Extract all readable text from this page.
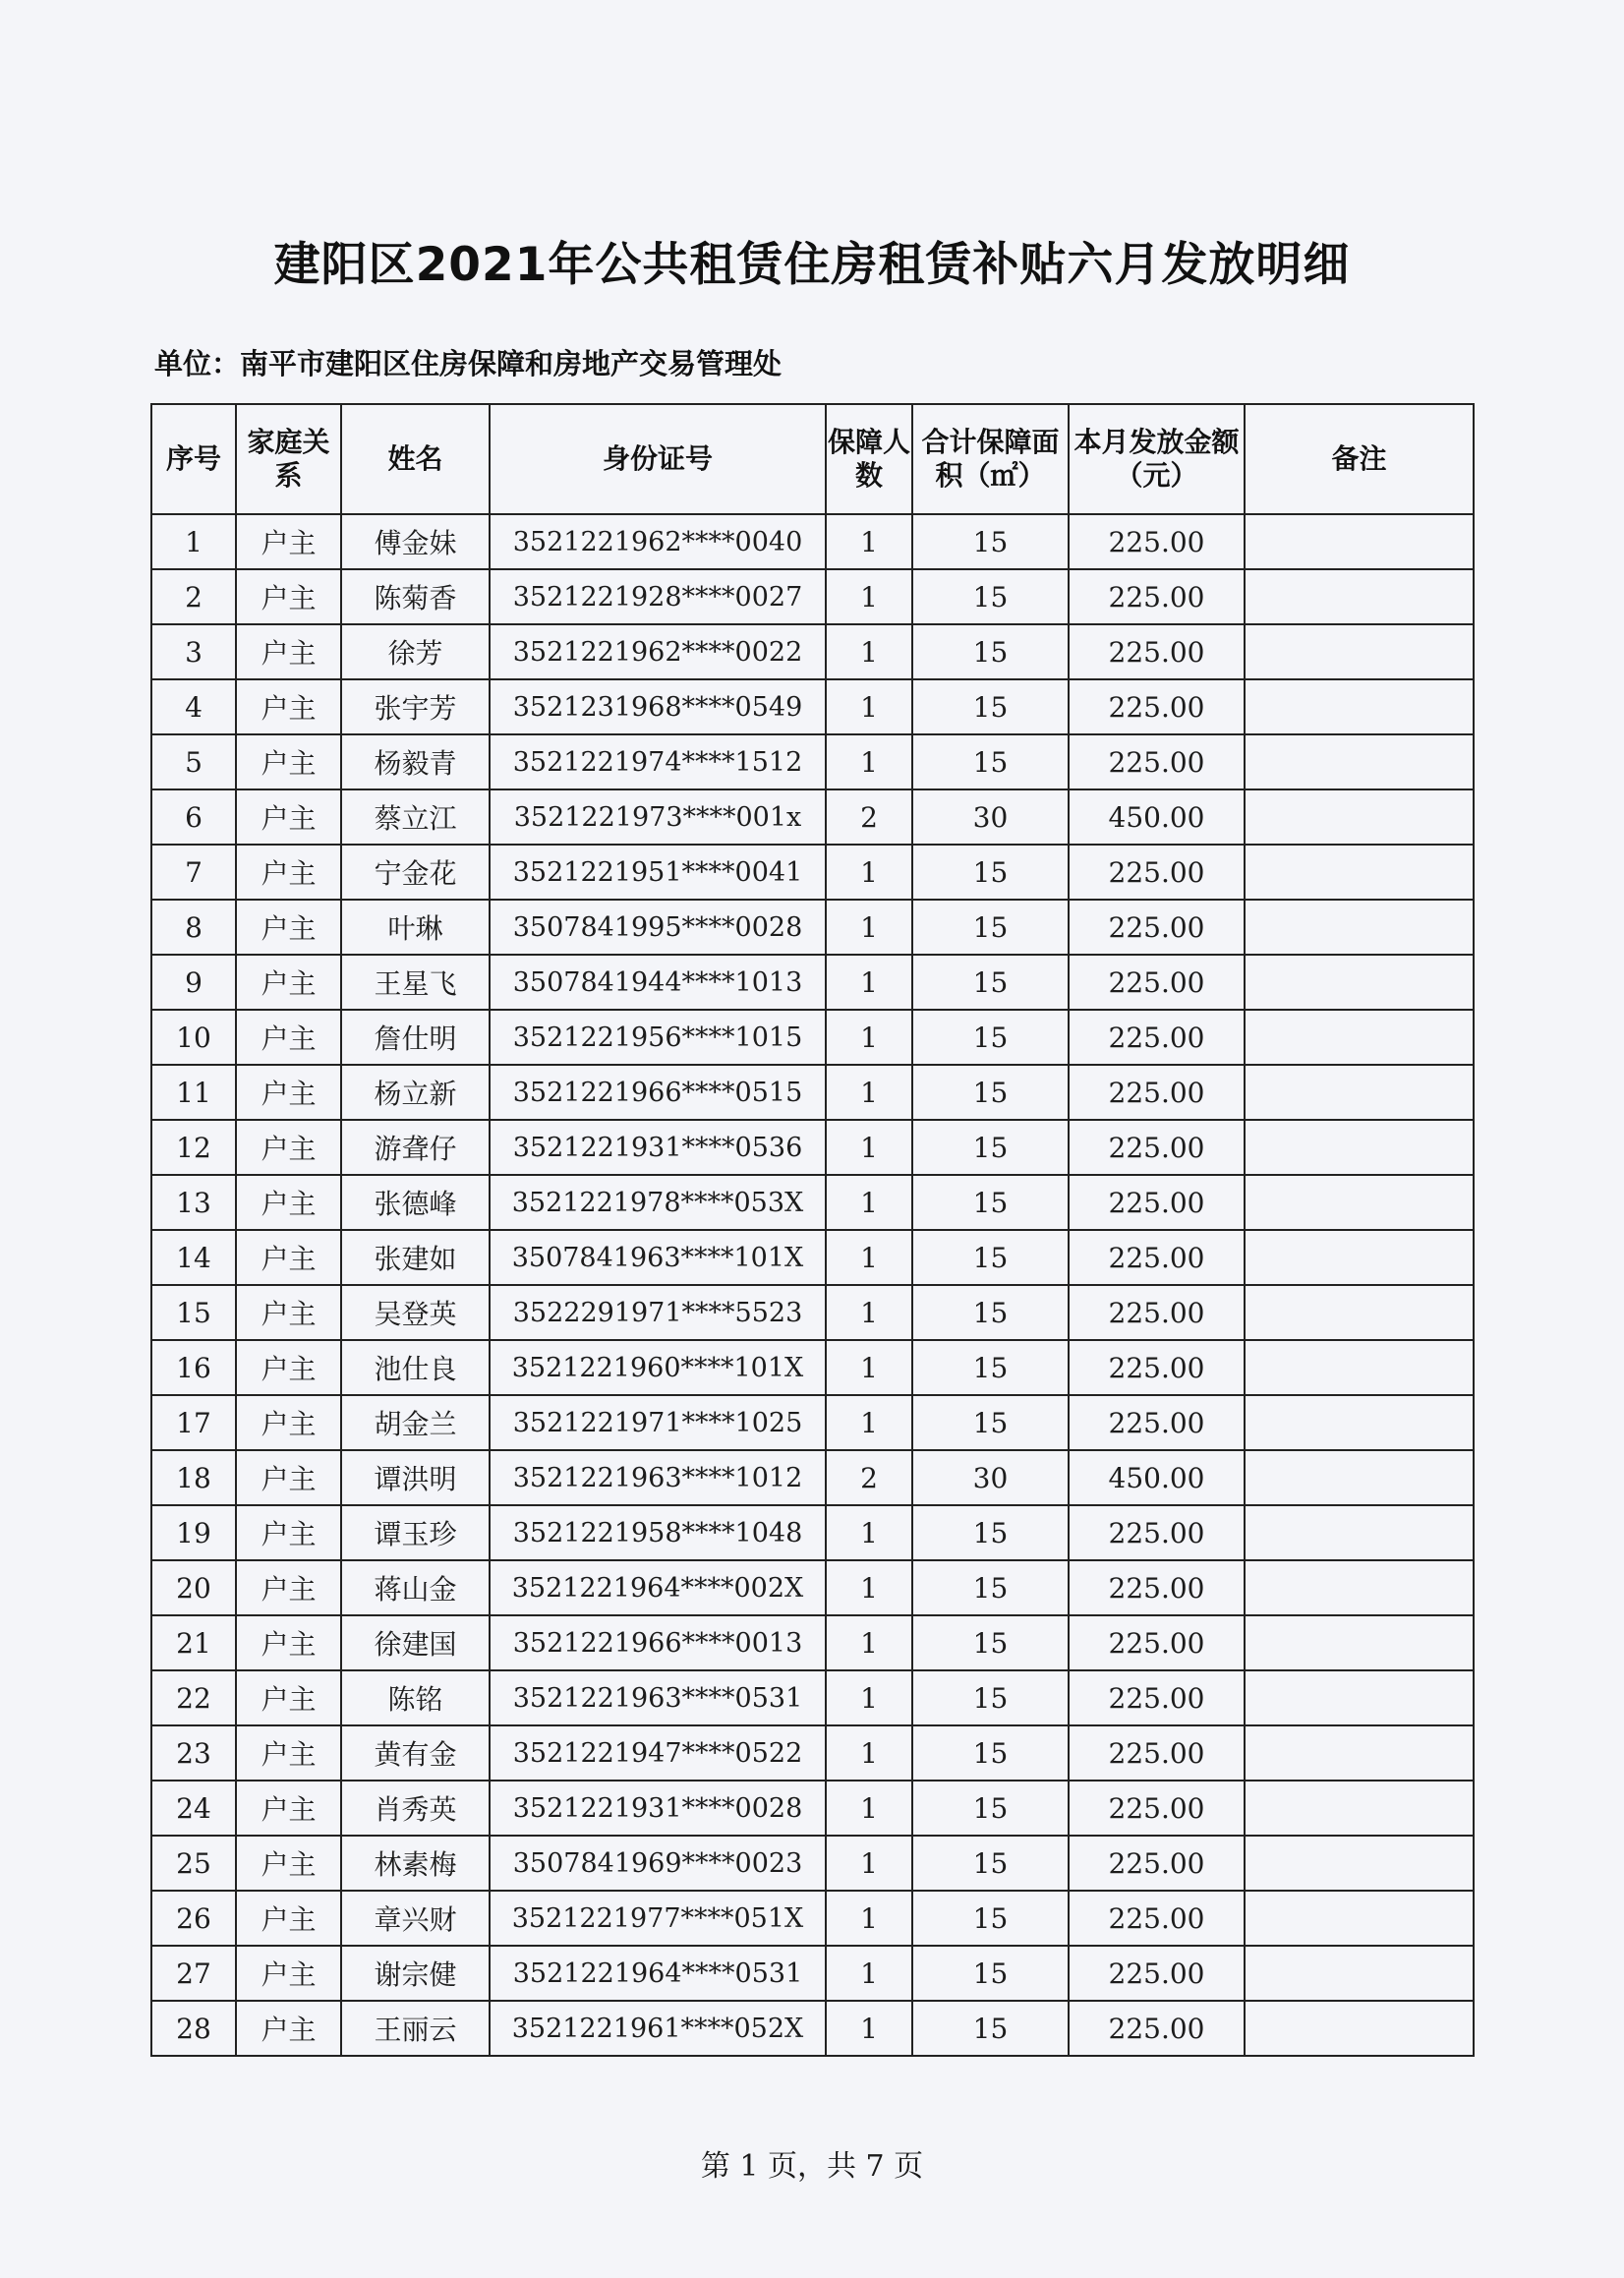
建阳区2021年公共租赁住房租赁补贴六月发放明细
单位：南平市建阳区住房保障和房地产交易管理处
序号	家庭关系	姓名	身份证号	保障人数	合计保障面积（㎡）	本月发放金额（元）	备注
1	户主	傅金妹	3521221962****0040	1	15	225.00	
2	户主	陈菊香	3521221928****0027	1	15	225.00	
3	户主	徐芳	3521221962****0022	1	15	225.00	
4	户主	张宇芳	3521231968****0549	1	15	225.00	
5	户主	杨毅青	3521221974****1512	1	15	225.00	
6	户主	蔡立江	3521221973****001x	2	30	450.00	
7	户主	宁金花	3521221951****0041	1	15	225.00	
8	户主	叶琳	3507841995****0028	1	15	225.00	
9	户主	王星飞	3507841944****1013	1	15	225.00	
10	户主	詹仕明	3521221956****1015	1	15	225.00	
11	户主	杨立新	3521221966****0515	1	15	225.00	
12	户主	游聋仔	3521221931****0536	1	15	225.00	
13	户主	张德峰	3521221978****053X	1	15	225.00	
14	户主	张建如	3507841963****101X	1	15	225.00	
15	户主	吴登英	3522291971****5523	1	15	225.00	
16	户主	池仕良	3521221960****101X	1	15	225.00	
17	户主	胡金兰	3521221971****1025	1	15	225.00	
18	户主	谭洪明	3521221963****1012	2	30	450.00	
19	户主	谭玉珍	3521221958****1048	1	15	225.00	
20	户主	蒋山金	3521221964****002X	1	15	225.00	
21	户主	徐建国	3521221966****0013	1	15	225.00	
22	户主	陈铭	3521221963****0531	1	15	225.00	
23	户主	黄有金	3521221947****0522	1	15	225.00	
24	户主	肖秀英	3521221931****0028	1	15	225.00	
25	户主	林素梅	3507841969****0023	1	15	225.00	
26	户主	章兴财	3521221977****051X	1	15	225.00	
27	户主	谢宗健	3521221964****0531	1	15	225.00	
28	户主	王丽云	3521221961****052X	1	15	225.00	
第 1 页，共 7 页
